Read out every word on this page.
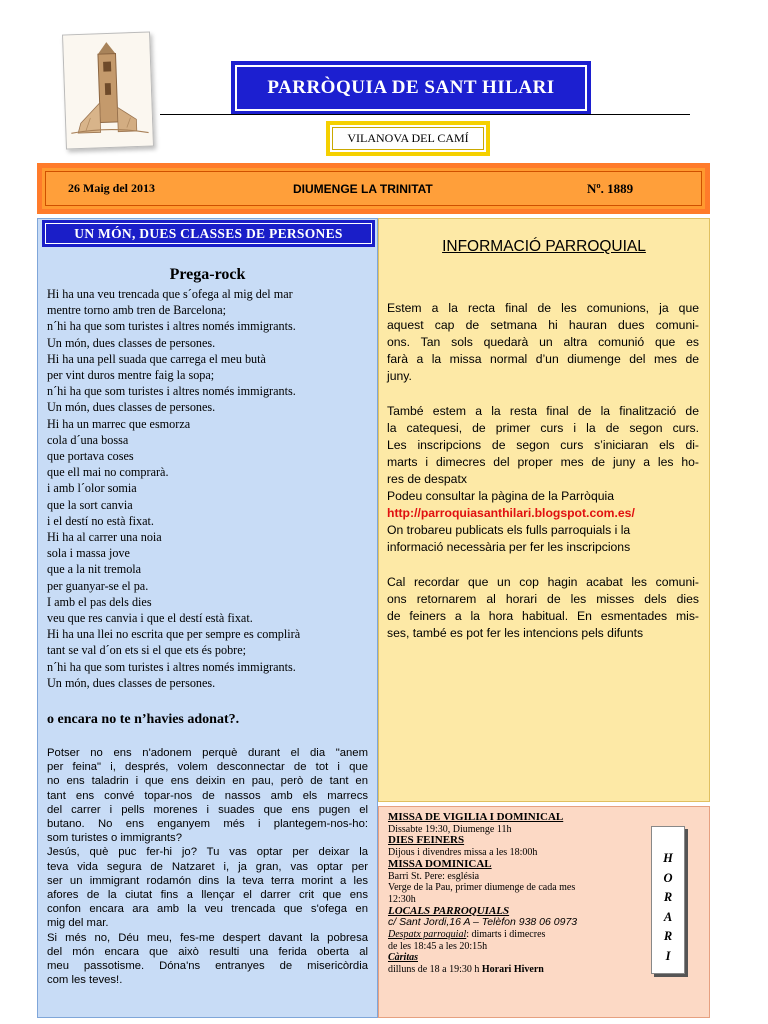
PARRÒQUIA DE SANT HILARI
VILANOVA DEL CAMÍ
26 Maig del 2013	DIUMENGE LA TRINITAT	Nº. 1889
UN MÓN, DUES CLASSES DE PERSONES
Prega-rock
Hi ha una veu trencada que s´ofega al mig del mar
mentre torno amb tren de Barcelona;
n´hi ha que som turistes i altres només immigrants.
Un món, dues classes de persones.
Hi ha una pell suada que carrega el meu butà
per vint duros mentre faig la sopa;
n´hi ha que som turistes i altres només immigrants.
Un món, dues classes de persones.
Hi ha un marrec que esmorza
cola d´una bossa
que portava coses
que ell mai no comprarà.
i amb l´olor somia
que la sort canvia
i el destí no està fixat.
Hi ha al carrer una noia
sola i massa jove
que a la nit tremola
per guanyar-se el pa.
I amb el pas dels dies
veu que res canvia i que el destí està fixat.
Hi ha una llei no escrita que per sempre es complirà
tant se val d´on ets si el que ets és pobre;
n´hi ha que som turistes i altres només immigrants.
Un món, dues classes de persones.
o encara no te n’havies adonat?.
Potser no ens n'adonem perquè durant el dia "anem
per feina" i, després, volem desconnectar de tot i que
no ens taladrin i que ens deixin en pau, però de tant en
tant ens convé topar-nos de nassos amb els marrecs
del carrer i pells morenes i suades que ens pugen el
butano. No ens enganyem més i plantegem-nos-ho:
som turistes o immigrants?
Jesús, què puc fer-hi jo? Tu vas optar per deixar la
teva vida segura de Natzaret i, ja gran, vas optar per
ser un immigrant rodamón dins la teva terra morint a les
afores de la ciutat fins a llençar el darrer crit que ens
confon encara ara amb la veu trencada que s'ofega en
mig del mar.
Si més no, Déu meu, fes-me despert davant la pobresa
del món encara que això resulti una ferida oberta al
meu passotisme. Dóna'ns entranyes de misericòrdia
com les teves!.
INFORMACIÓ PARROQUIAL
Estem a la recta final de les comunions, ja que
aquest cap de setmana hi hauran dues comuni-
ons. Tan sols quedarà un altra comunió que es
farà a la missa normal d’un diumenge del mes de
juny.
També estem a la resta final de la finalització de
la catequesi, de primer curs i la de segon curs.
Les inscripcions de segon curs s’iniciaran els di-
marts i dimecres del proper mes de juny a les ho-
res de despatx
Podeu consultar la pàgina de la Parròquia
http://parroquiasanthilari.blogspot.com.es/
On trobareu publicats els fulls parroquials i la
informació necessària per fer les inscripcions
Cal recordar que un cop hagin acabat les comuni-
ons retornarem al horari de les misses dels dies
de feiners a la hora habitual. En esmentades mis-
ses, també es pot fer les intencions pels difunts
MISSA DE VIGILIA I DOMINICAL
Dissabte 19:30, Diumenge 11h
DIES FEINERS
Dijous i divendres missa a les 18:00h
MISSA DOMINICAL
Barri St. Pere: església
Verge de la Pau, primer diumenge de cada mes
12:30h
LOCALS PARROQUIALS
c/ Sant Jordi,16 A – Telèfon 938 06 0973
Despatx parroquial: dimarts i dimecres
de les 18:45 a les 20:15h
Càritas
dilluns de 18 a 19:30 h Horari Hivern
H
O
R
A
R
I
